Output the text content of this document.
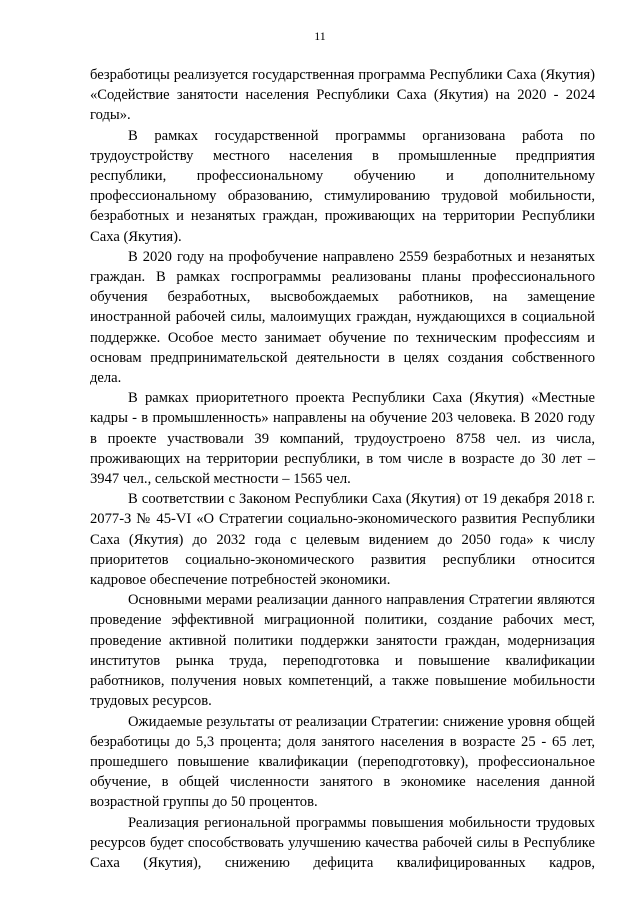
11

безработицы реализуется государственная программа Республики Саха (Якутия) «Содействие занятости населения Республики Саха (Якутия) на 2020 - 2024 годы».

В рамках государственной программы организована работа по трудоустройству местного населения в промышленные предприятия республики, профессиональному обучению и дополнительному профессиональному образованию, стимулированию трудовой мобильности, безработных и незанятых граждан, проживающих на территории Республики Саха (Якутия).

В 2020 году на профобучение направлено 2559 безработных и незанятых граждан. В рамках госпрограммы реализованы планы профессионального обучения безработных, высвобождаемых работников, на замещение иностранной рабочей силы, малоимущих граждан, нуждающихся в социальной поддержке. Особое место занимает обучение по техническим профессиям и основам предпринимательской деятельности в целях создания собственного дела.

В рамках приоритетного проекта Республики Саха (Якутия) «Местные кадры - в промышленность» направлены на обучение 203 человека. В 2020 году в проекте участвовали 39 компаний, трудоустроено 8758 чел. из числа, проживающих на территории республики, в том числе в возрасте до 30 лет – 3947 чел., сельской местности – 1565 чел.

В соответствии с Законом Республики Саха (Якутия) от 19 декабря 2018 г. 2077-З № 45-VI «О Стратегии социально-экономического развития Республики Саха (Якутия) до 2032 года с целевым видением до 2050 года» к числу приоритетов социально-экономического развития республики относится кадровое обеспечение потребностей экономики.

Основными мерами реализации данного направления Стратегии являются проведение эффективной миграционной политики, создание рабочих мест, проведение активной политики поддержки занятости граждан, модернизация институтов рынка труда, переподготовка и повышение квалификации работников, получения новых компетенций, а также повышение мобильности трудовых ресурсов.

Ожидаемые результаты от реализации Стратегии: снижение уровня общей безработицы до 5,3 процента; доля занятого населения в возрасте 25 - 65 лет, прошедшего повышение квалификации (переподготовку), профессиональное обучение, в общей численности занятого в экономике населения данной возрастной группы до 50 процентов.

Реализация региональной программы повышения мобильности трудовых ресурсов будет способствовать улучшению качества рабочей силы в Республике Саха (Якутия), снижению дефицита квалифицированных кадров,
